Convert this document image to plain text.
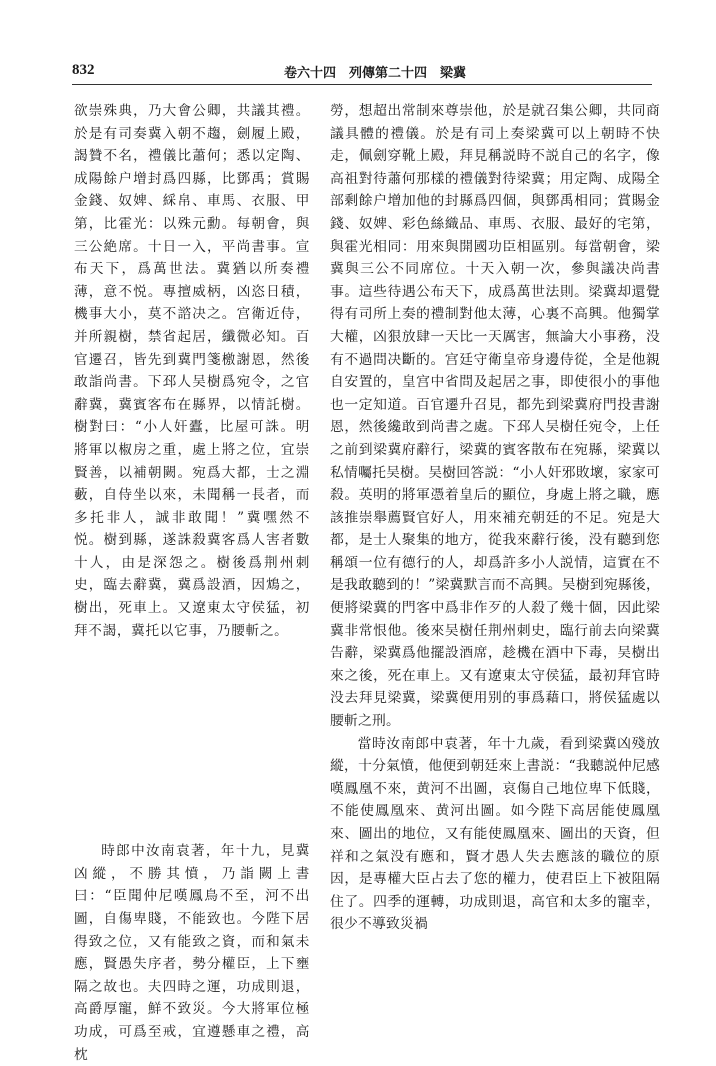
832	卷六十四　列傳第二十四　梁冀

欲崇殊典，乃大會公卿，共議其禮。於是有司奏冀入朝不趨，劍履上殿，謁贊不名，禮儀比蕭何；悉以定陶、成陽餘户增封爲四縣，比鄧禹；賞賜金錢、奴婢、綵帛、車馬、衣服、甲第，比霍光：以殊元勳。每朝會，與三公絶席。十日一入，平尚書事。宣布天下，爲萬世法。冀猶以所奏禮薄，意不悦。專擅威柄，凶恣日積，機事大小，莫不諮决之。宫衛近侍，并所親樹，禁省起居，纖微必知。百官遷召，皆先到冀門箋檄謝恩，然後敢詣尚書。下邳人吴樹爲宛令，之官辭冀，冀賓客布在縣界，以情託樹。樹對曰：“小人奸蠹，比屋可誅。明將軍以椒房之重，處上將之位，宜崇賢善，以補朝闕。宛爲大都，士之淵藪，自侍坐以來，未聞稱一長者，而多托非人，誠非敢聞！”冀嘿然不悦。樹到縣，遂誅殺冀客爲人害者數十人，由是深怨之。樹後爲荆州刺史，臨去辭冀，冀爲設酒，因鴆之，樹出，死車上。又遼東太守侯猛，初拜不謁，冀托以它事，乃腰斬之。

時郎中汝南袁著，年十九，見冀凶縱，不勝其憤，乃詣闕上書曰：“臣聞仲尼嘆鳳鳥不至，河不出圖，自傷卑賤，不能致也。今陛下居得致之位，又有能致之資，而和氣未應，賢愚失序者，勢分權臣，上下壅隔之故也。夫四時之運，功成則退，高爵厚寵，鮮不致災。今大將軍位極功成，可爲至戒，宜遵懸車之禮，高枕

勞，想超出常制來尊崇他，於是就召集公卿，共同商議具體的禮儀。於是有司上奏梁冀可以上朝時不快走，佩劍穿靴上殿，拜見稱説時不説自己的名字，像高祖對待蕭何那樣的禮儀對待梁冀；用定陶、成陽全部剩餘户增加他的封縣爲四個，與鄧禹相同；賞賜金錢、奴婢、彩色絲織品、車馬、衣服、最好的宅第，與霍光相同：用來與開國功臣相區别。每當朝會，梁冀與三公不同席位。十天入朝一次，參與議决尚書事。這些待遇公布天下，成爲萬世法則。梁冀却還覺得有司所上奏的禮制對他太薄，心裏不高興。他獨掌大權，凶狠放肆一天比一天厲害，無論大小事務，没有不過問决斷的。宫廷守衛皇帝身邊侍從，全是他親自安置的，皇宫中省問及起居之事，即使很小的事他也一定知道。百官遷升召見，都先到梁冀府門投書謝恩，然後纔敢到尚書之處。下邳人吴樹任宛令，上任之前到梁冀府辭行，梁冀的賓客散布在宛縣，梁冀以私情囑托吴樹。吴樹回答説：“小人奸邪敗壞，家家可殺。英明的將軍憑着皇后的顯位，身處上將之職，應該推崇舉薦賢官好人，用來補充朝廷的不足。宛是大都，是士人聚集的地方，從我來辭行後，没有聽到您稱頌一位有德行的人，却爲許多小人説情，這實在不是我敢聽到的！”梁冀默言而不高興。吴樹到宛縣後，便將梁冀的門客中爲非作歹的人殺了幾十個，因此梁冀非常恨他。後來吴樹任荆州刺史，臨行前去向梁冀告辭，梁冀爲他擺設酒席，趁機在酒中下毒，吴樹出來之後，死在車上。又有遼東太守侯猛，最初拜官時没去拜見梁冀，梁冀便用别的事爲藉口，將侯猛處以腰斬之刑。

當時汝南郎中袁著，年十九歲，看到梁冀凶殘放縱，十分氣憤，他便到朝廷來上書説：“我聽説仲尼感嘆鳳凰不來，黄河不出圖，哀傷自己地位卑下低賤，不能使鳳凰來、黄河出圖。如今陛下高居能使鳳凰來、圖出的地位，又有能使鳳凰來、圖出的天資，但祥和之氣没有應和，賢才愚人失去應該的職位的原因，是專權大臣占去了您的權力，使君臣上下被阻隔住了。四季的運轉，功成則退，高官和太多的寵幸，很少不導致災禍
